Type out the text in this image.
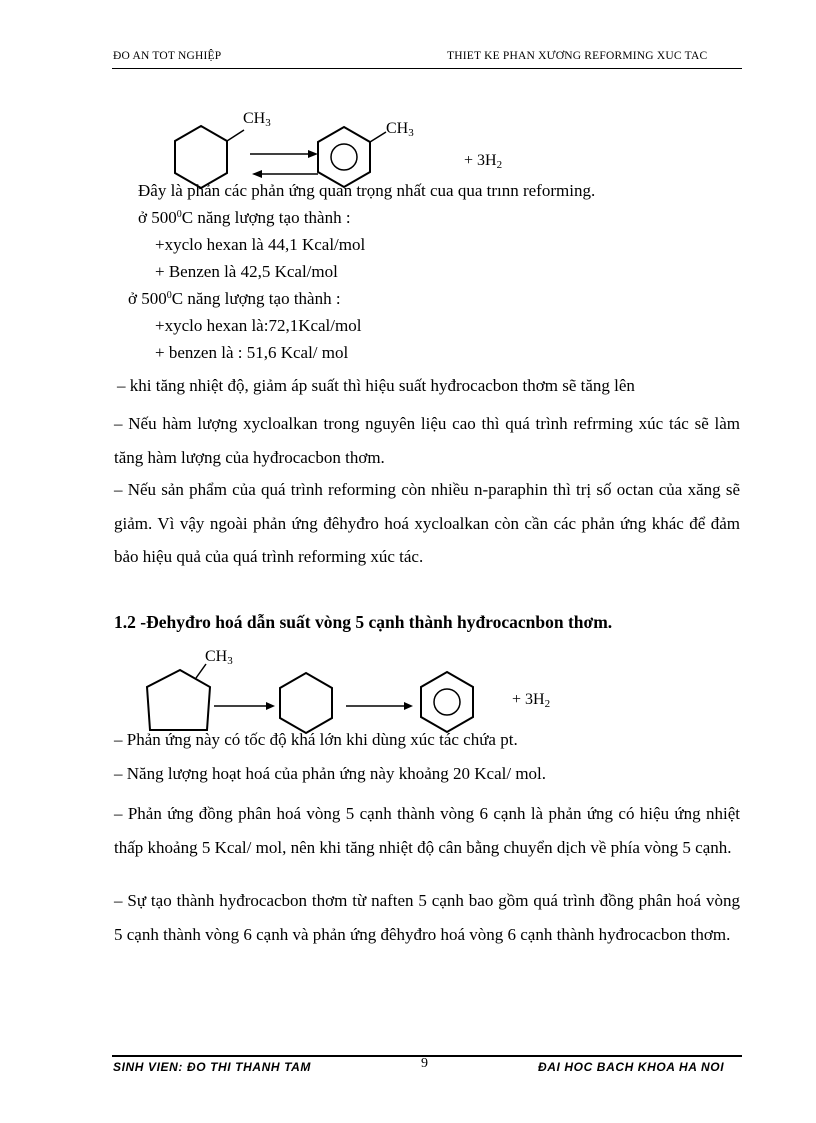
ĐO AN TOT NGHIỆP	THIET KE PHAN XƯƠNG REFORMING XUC TAC
$CH_3$	$CH_3$
+ $3H_2$
Đây là phản các phản ứng quan trọng nhất cua qua trınn reforming.
ở $500^0C$ năng lượng tạo thành :
+xyclo hexan là 44,1 Kcal/mol
+ Benzen là 42,5 Kcal/mol
ở $500^0C$ năng lượng tạo thành :
+xyclo hexan là:72,1Kcal/mol
+ benzen là : 51,6 Kcal/ mol
– khi tăng nhiệt độ, giảm áp suất thì hiệu suất hyđrocacbon thơm sẽ tăng lên
– Nếu hàm lượng xycloalkan trong nguyên liệu cao thì quá trình refrming xúc tác sẽ làm tăng hàm lượng của hyđrocacbon thơm.
– Nếu sản phẩm của quá trình reforming còn nhiều n-paraphin thì trị số octan của xăng sẽ giảm. Vì vậy ngoài phản ứng đêhyđro hoá xycloalkan còn cần các phản ứng khác để đảm bảo hiệu quả của quá trình reforming xúc tác.
1.2 -Đehyđro hoá dẫn suất vòng 5 cạnh thành hyđrocacnbon thơm.
$CH_3$
+ $3H_2$
– Phản ứng này có tốc độ khá lớn khi dùng xúc tác chứa pt.
– Năng lượng hoạt hoá của phản ứng này khoảng 20 Kcal/ mol.
– Phản ứng đồng phân hoá vòng 5 cạnh thành vòng 6 cạnh là phản ứng có hiệu ứng nhiệt thấp khoảng 5 Kcal/ mol, nên khi tăng nhiệt độ cân bằng chuyển dịch về phía vòng 5 cạnh.
– Sự tạo thành hyđrocacbon thơm từ naften 5 cạnh bao gồm quá trình đồng phân hoá vòng 5 cạnh thành vòng 6 cạnh và phản ứng đêhyđro hoá vòng 6 cạnh thành hyđrocacbon thơm.
SINH VIEN: ĐO THI THANH TAM	9	ĐAI HOC BACH KHOA HA NOI
